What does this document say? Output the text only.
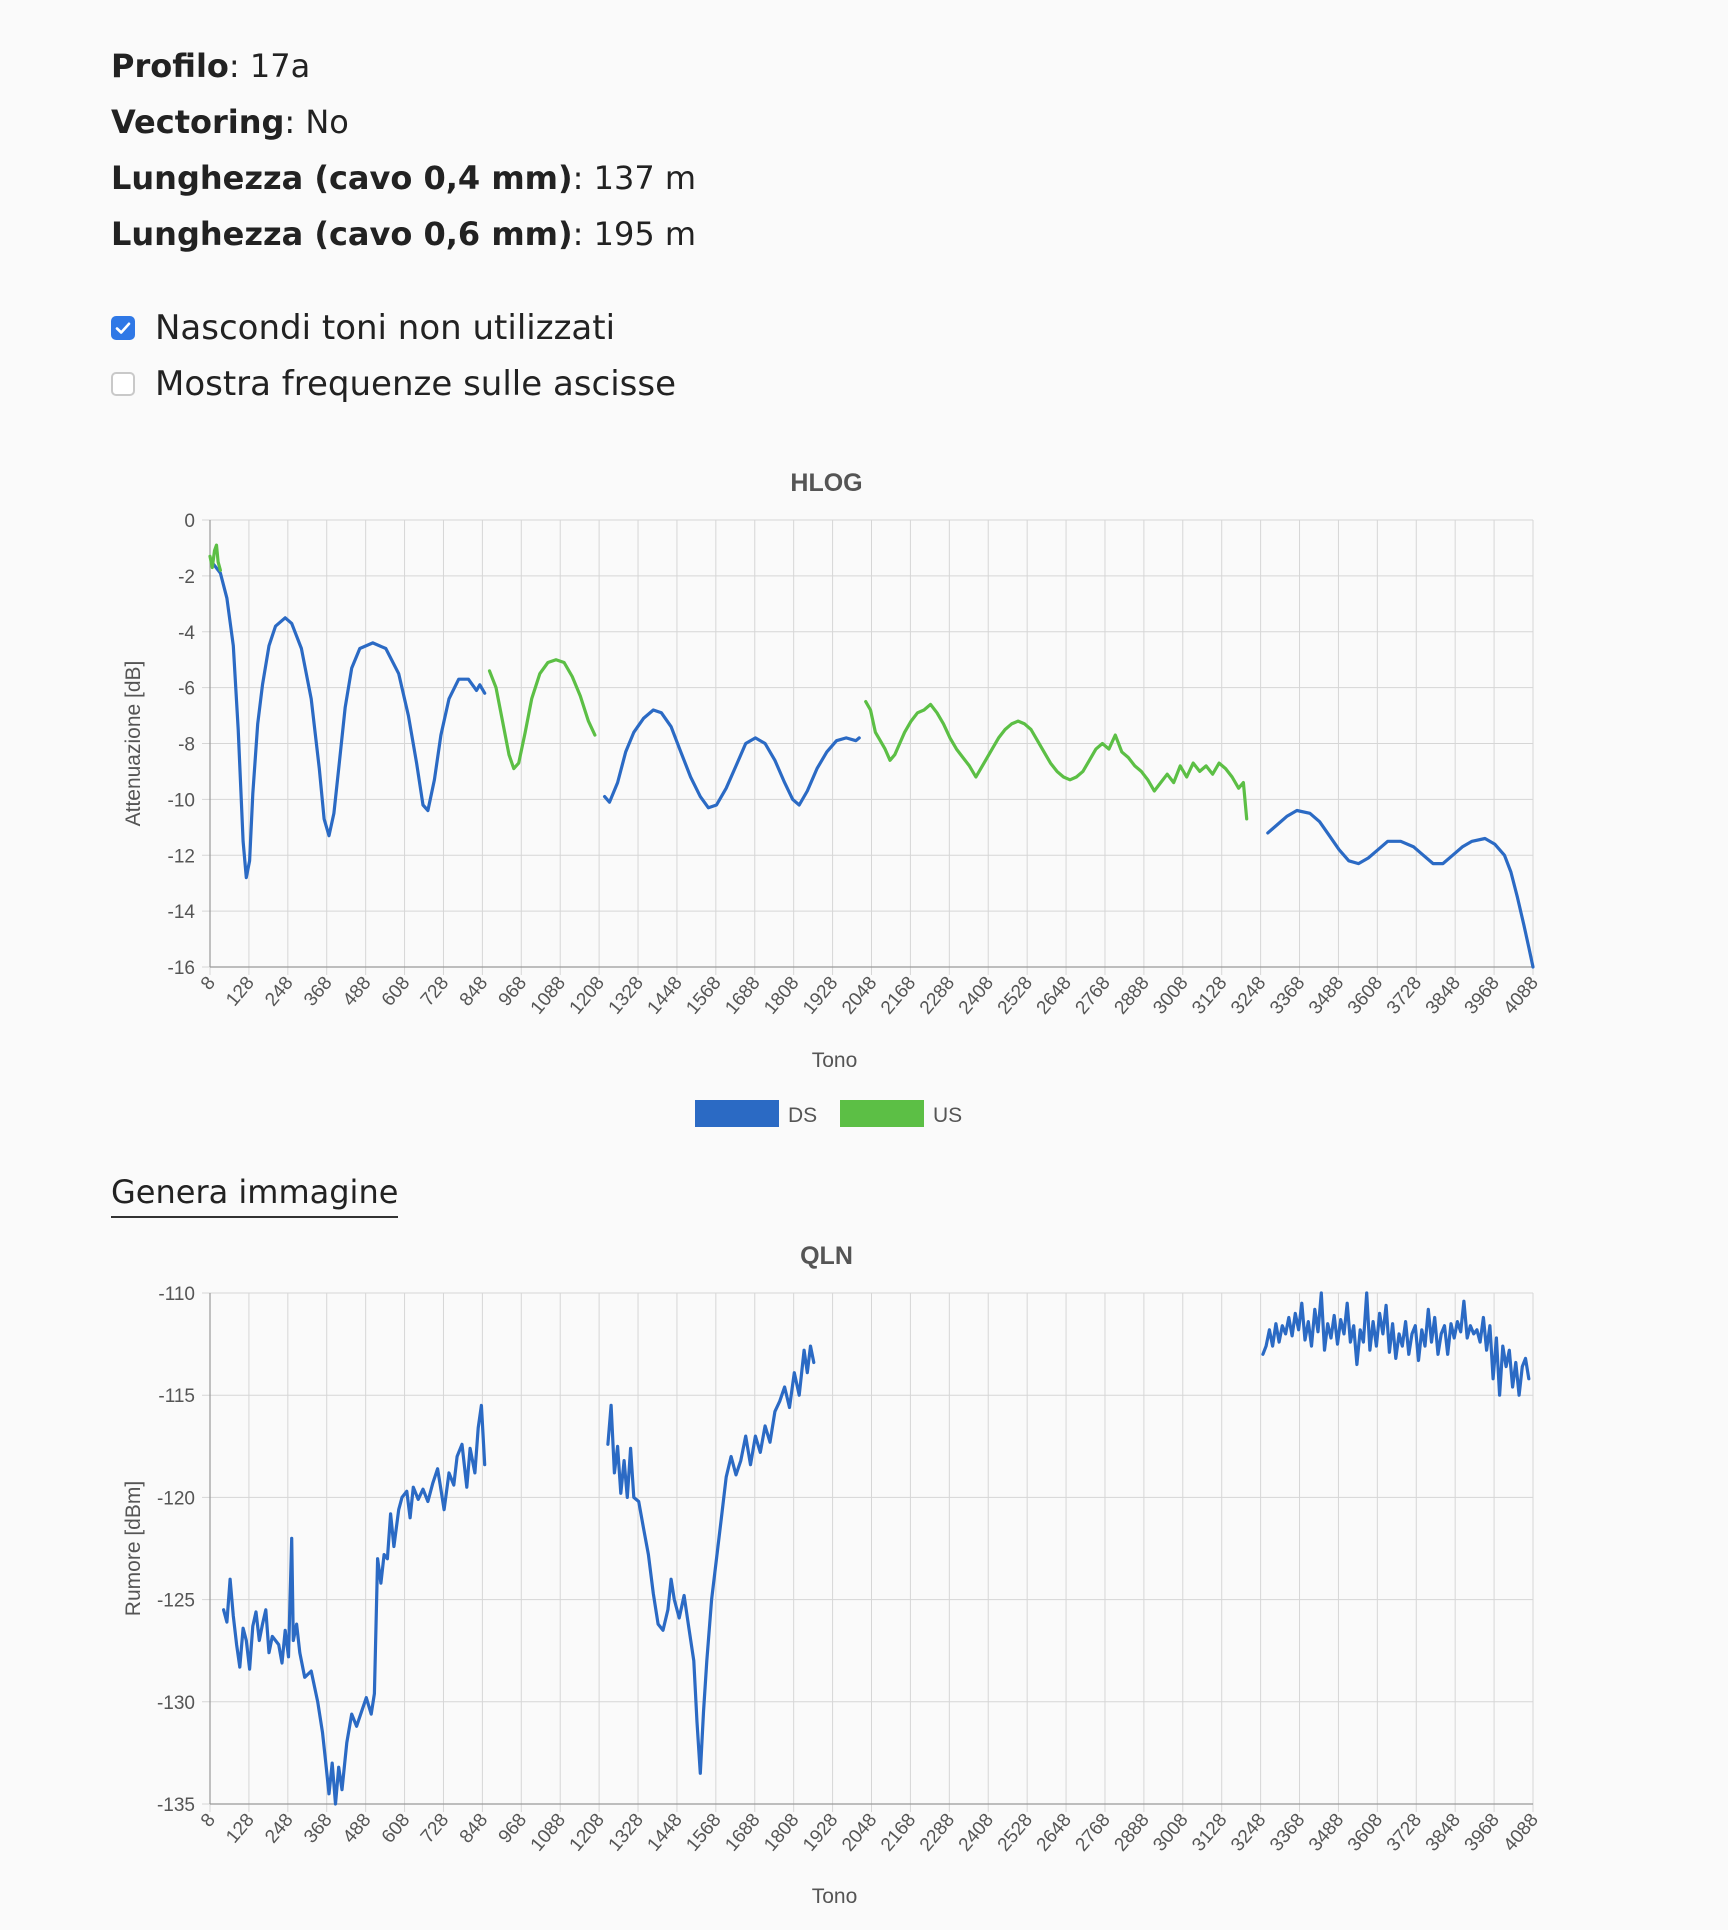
Profilo: 17a
Vectoring: No
Lunghezza (cavo 0,4 mm): 137 m
Lunghezza (cavo 0,6 mm): 195 m
Nascondi toni non utilizzati
Mostra frequenze sulle ascisse
HLOG
8 128 248 368 488 608 728 848 968
1088
1208
1328
1448
1568
1688
1808
1928
2048
2168
2288
2408
2528
2648
2768
2888
3008
3128
3248
3368
3488
3608
3728
3848
3968
4088
0
-2
-4
-6
-8
-10
-12
-14
-16
Tono
Attenuazione [dB]
DS	US
Genera immagine
QLN
8 128 248 368 488 608 728 848 968
1088
1208
1328
1448
1568
1688
1808
1928
2048
2168
2288
2408
2528
2648
2768
2888
3008
3128
3248
3368
3488
3608
3728
3848
3968
4088
-110
-115
-120
-125
-130
-135
Tono
Rumore [dBm]
